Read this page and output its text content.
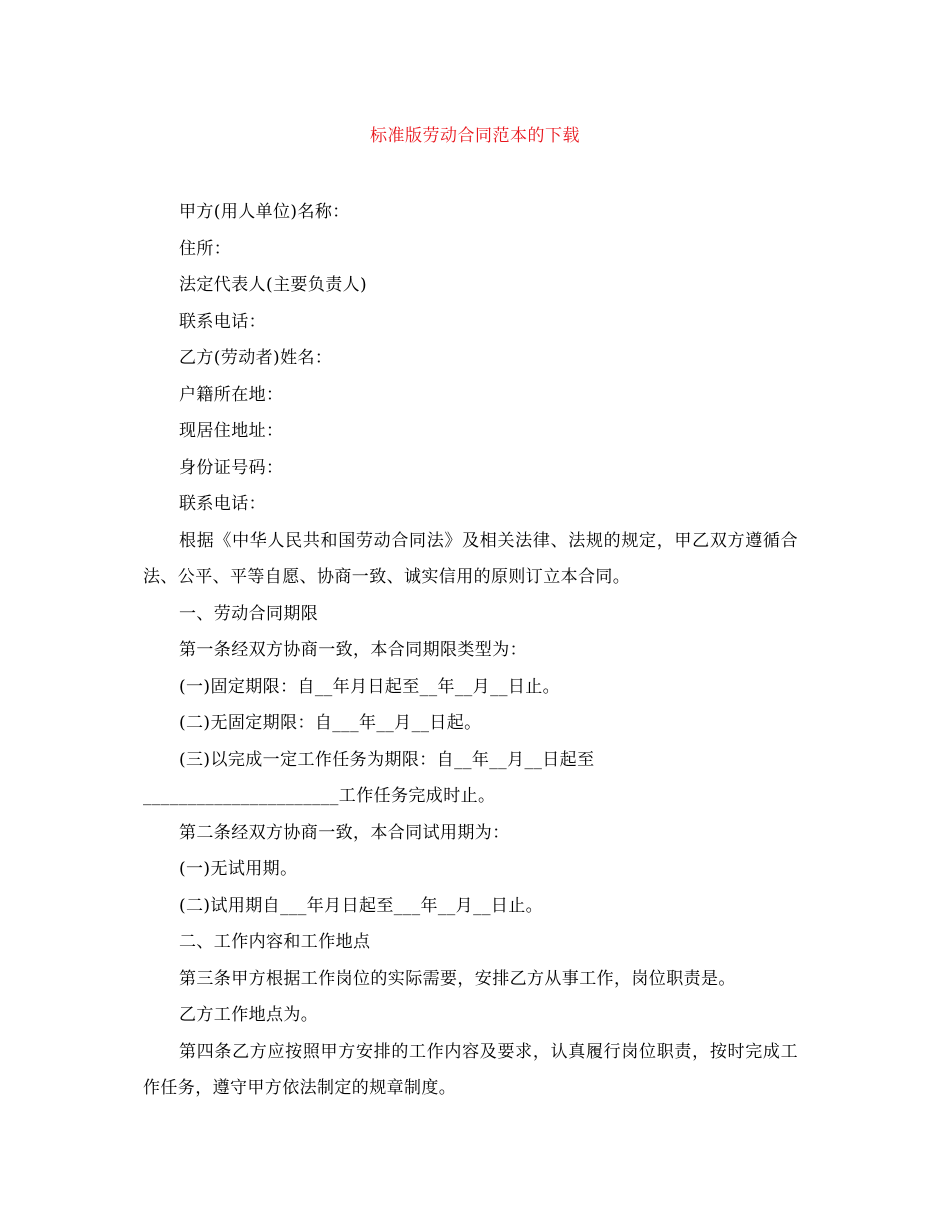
标准版劳动合同范本的下载

甲方(用人单位)名称：

住所：

法定代表人(主要负责人)

联系电话：

乙方(劳动者)姓名：

户籍所在地：

现居住地址：

身份证号码：

联系电话：

根据《中华人民共和国劳动合同法》及相关法律、法规的规定，甲乙双方遵循合法、公平、平等自愿、协商一致、诚实信用的原则订立本合同。

一、劳动合同期限

第一条经双方协商一致，本合同期限类型为：

(一)固定期限：自__年月日起至__年__月__日止。

(二)无固定期限：自___年__月__日起。

(三)以完成一定工作任务为期限：自__年__月__日起至

______________________工作任务完成时止。

第二条经双方协商一致，本合同试用期为：

(一)无试用期。

(二)试用期自___年月日起至___年__月__日止。

二、工作内容和工作地点

第三条甲方根据工作岗位的实际需要，安排乙方从事工作，岗位职责是。

乙方工作地点为。

第四条乙方应按照甲方安排的工作内容及要求，认真履行岗位职责，按时完成工作任务，遵守甲方依法制定的规章制度。
